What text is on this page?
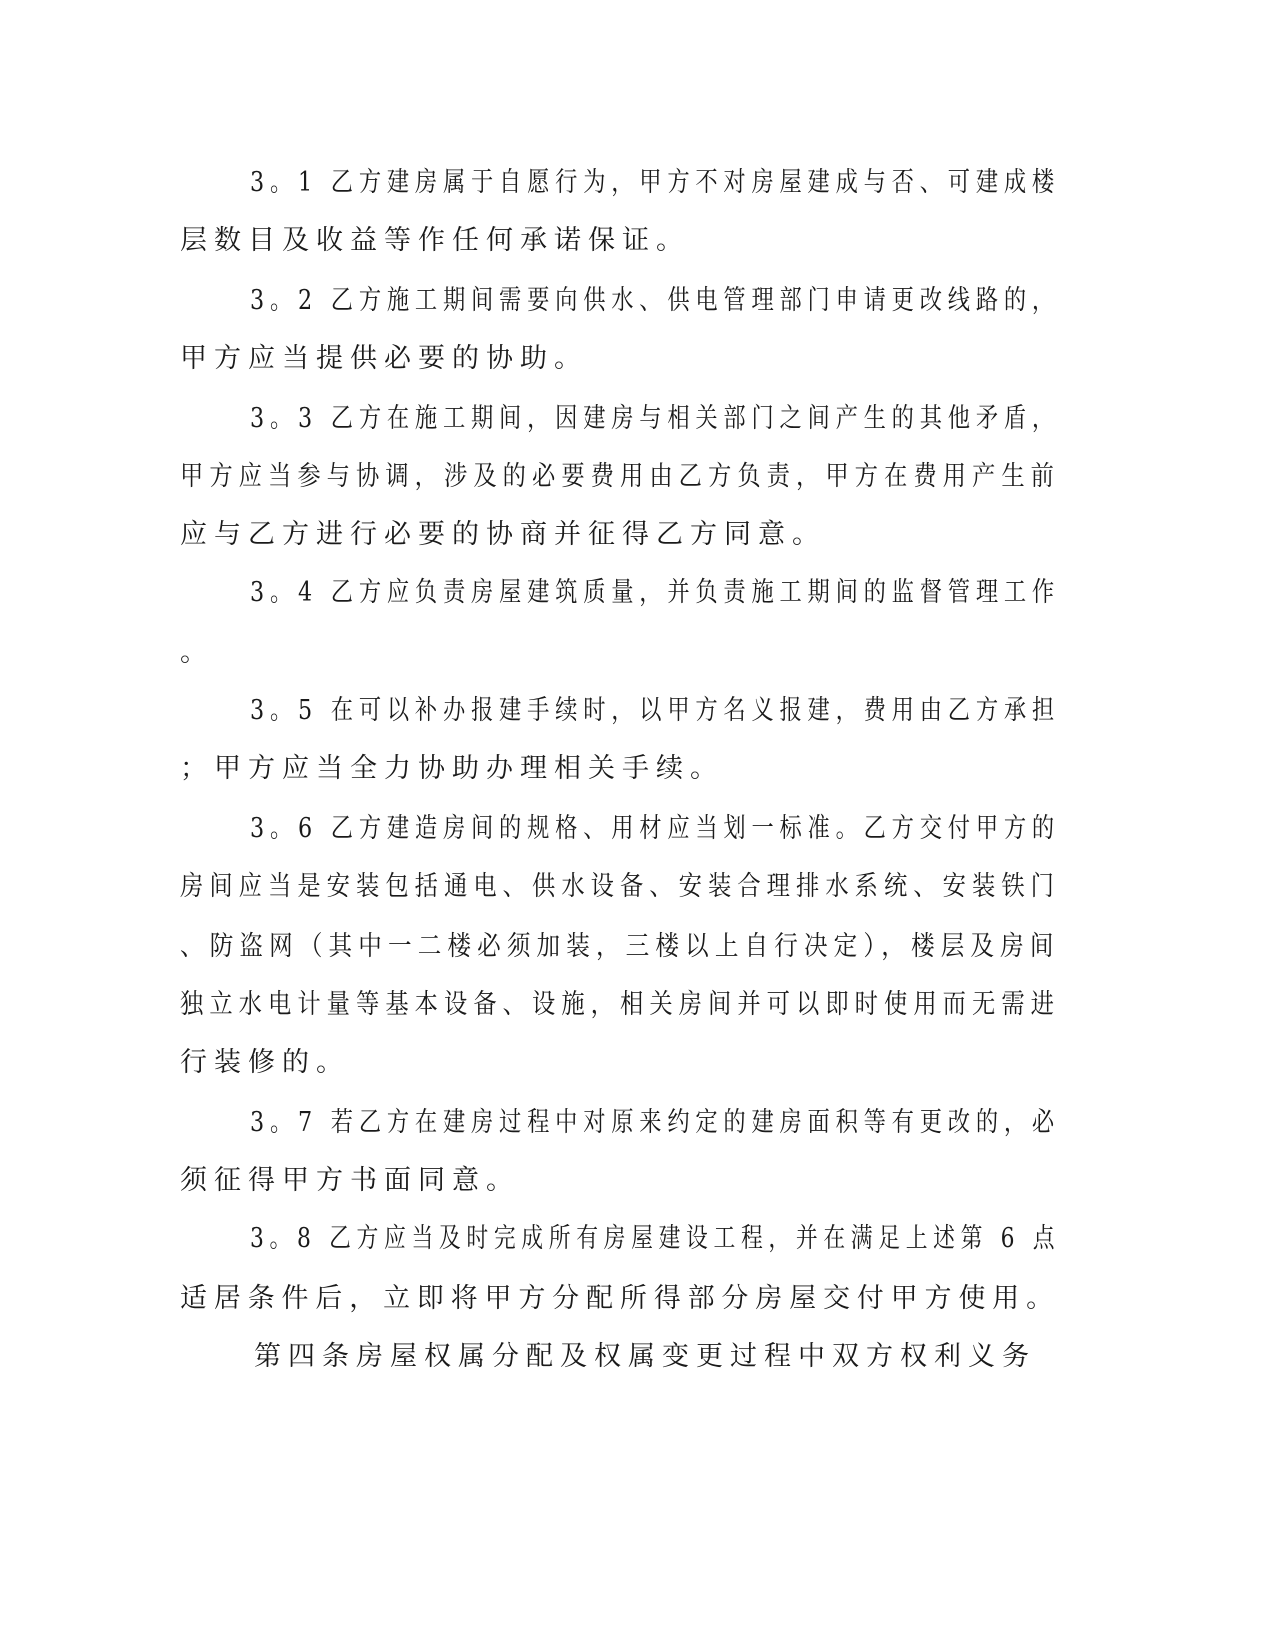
3。1 乙方建房属于自愿行为，甲方不对房屋建成与否、可建成楼
层数目及收益等作任何承诺保证。
3。2 乙方施工期间需要向供水、供电管理部门申请更改线路的，
甲方应当提供必要的协助。
3。3 乙方在施工期间，因建房与相关部门之间产生的其他矛盾，
甲方应当参与协调，涉及的必要费用由乙方负责，甲方在费用产生前
应与乙方进行必要的协商并征得乙方同意。
3。4 乙方应负责房屋建筑质量，并负责施工期间的监督管理工作
。
3。5 在可以补办报建手续时，以甲方名义报建，费用由乙方承担
；甲方应当全力协助办理相关手续。
3。6 乙方建造房间的规格、用材应当划一标准。乙方交付甲方的
房间应当是安装包括通电、供水设备、安装合理排水系统、安装铁门
、防盗网（其中一二楼必须加装，三楼以上自行决定），楼层及房间
独立水电计量等基本设备、设施，相关房间并可以即时使用而无需进
行装修的。
3。7 若乙方在建房过程中对原来约定的建房面积等有更改的，必
须征得甲方书面同意。
3。8 乙方应当及时完成所有房屋建设工程，并在满足上述第 6 点
适居条件后，立即将甲方分配所得部分房屋交付甲方使用。
第四条房屋权属分配及权属变更过程中双方权利义务
